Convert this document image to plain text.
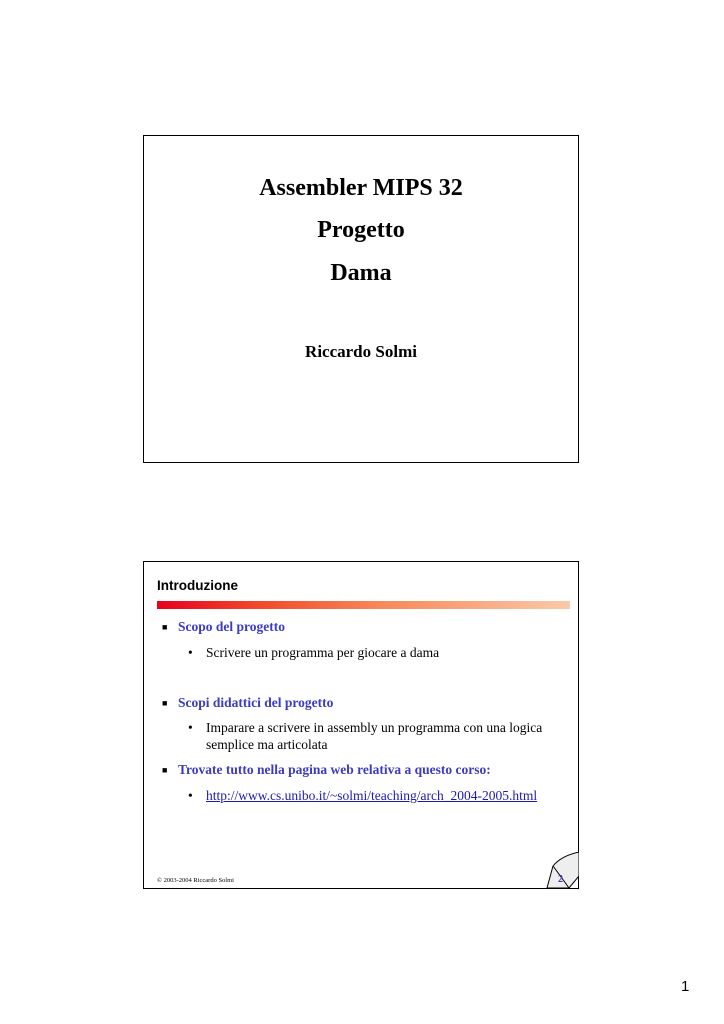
Assembler MIPS 32
Progetto
Dama
Riccardo Solmi
Introduzione
■ Scopo del progetto
• Scrivere un programma per giocare a dama
■ Scopi didattici del progetto
• Imparare a scrivere in assembly un programma con una logica semplice ma articolata
■ Trovate tutto nella pagina web relativa a questo corso:
• http://www.cs.unibo.it/~solmi/teaching/arch_2004-2005.html
© 2003-2004 Riccardo Solmi	2
1
